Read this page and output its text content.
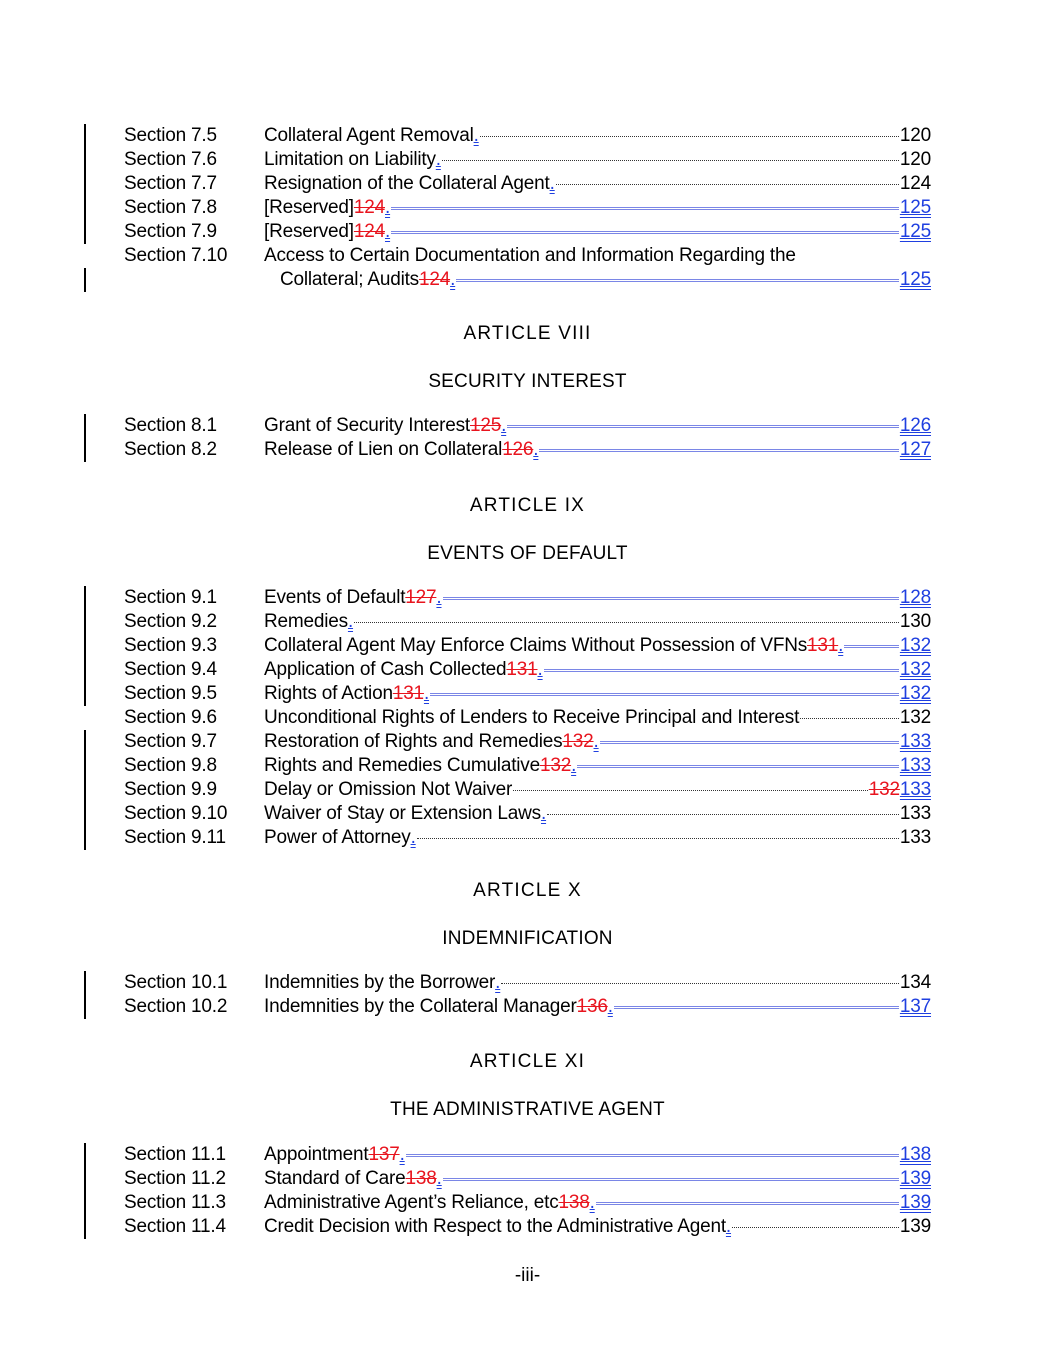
Section 7.5 Collateral Agent Removal .	120
Section 7.6 Limitation on Liability .	120
Section 7.7 Resignation of the Collateral Agent .	124
Section 7.8 [Reserved] 124 .	125
Section 7.9 [Reserved] 124 .	125
Section 7.10 Access to Certain Documentation and Information Regarding the
Collateral; Audits 124 .	125
ARTICLE VIII
SECURITY INTEREST
Section 8.1 Grant of Security Interest 125 .	126
Section 8.2 Release of Lien on Collateral 126 .	127
ARTICLE IX
EVENTS OF DEFAULT
Section 9.1 Events of Default 127 .	128
Section 9.2 Remedies .	130
Section 9.3 Collateral Agent May Enforce Claims Without Possession of VFNs 131 .	132
Section 9.4 Application of Cash Collected 131 .	132
Section 9.5 Rights of Action 131 .	132
Section 9.6 Unconditional Rights of Lenders to Receive Principal and Interest	132
Section 9.7 Restoration of Rights and Remedies 132 .	133
Section 9.8 Rights and Remedies Cumulative 132 .	133
Section 9.9 Delay or Omission Not Waiver	132 133
Section 9.10 Waiver of Stay or Extension Laws .	133
Section 9.11 Power of Attorney .	133
ARTICLE X
INDEMNIFICATION
Section 10.1 Indemnities by the Borrower .	134
Section 10.2 Indemnities by the Collateral Manager 136 .	137
ARTICLE XI
THE ADMINISTRATIVE AGENT
Section 11.1 Appointment 137 .	138
Section 11.2 Standard of Care 138 .	139
Section 11.3 Administrative Agent’s Reliance, etc 138 .	139
Section 11.4 Credit Decision with Respect to the Administrative Agent .	139
-iii-
